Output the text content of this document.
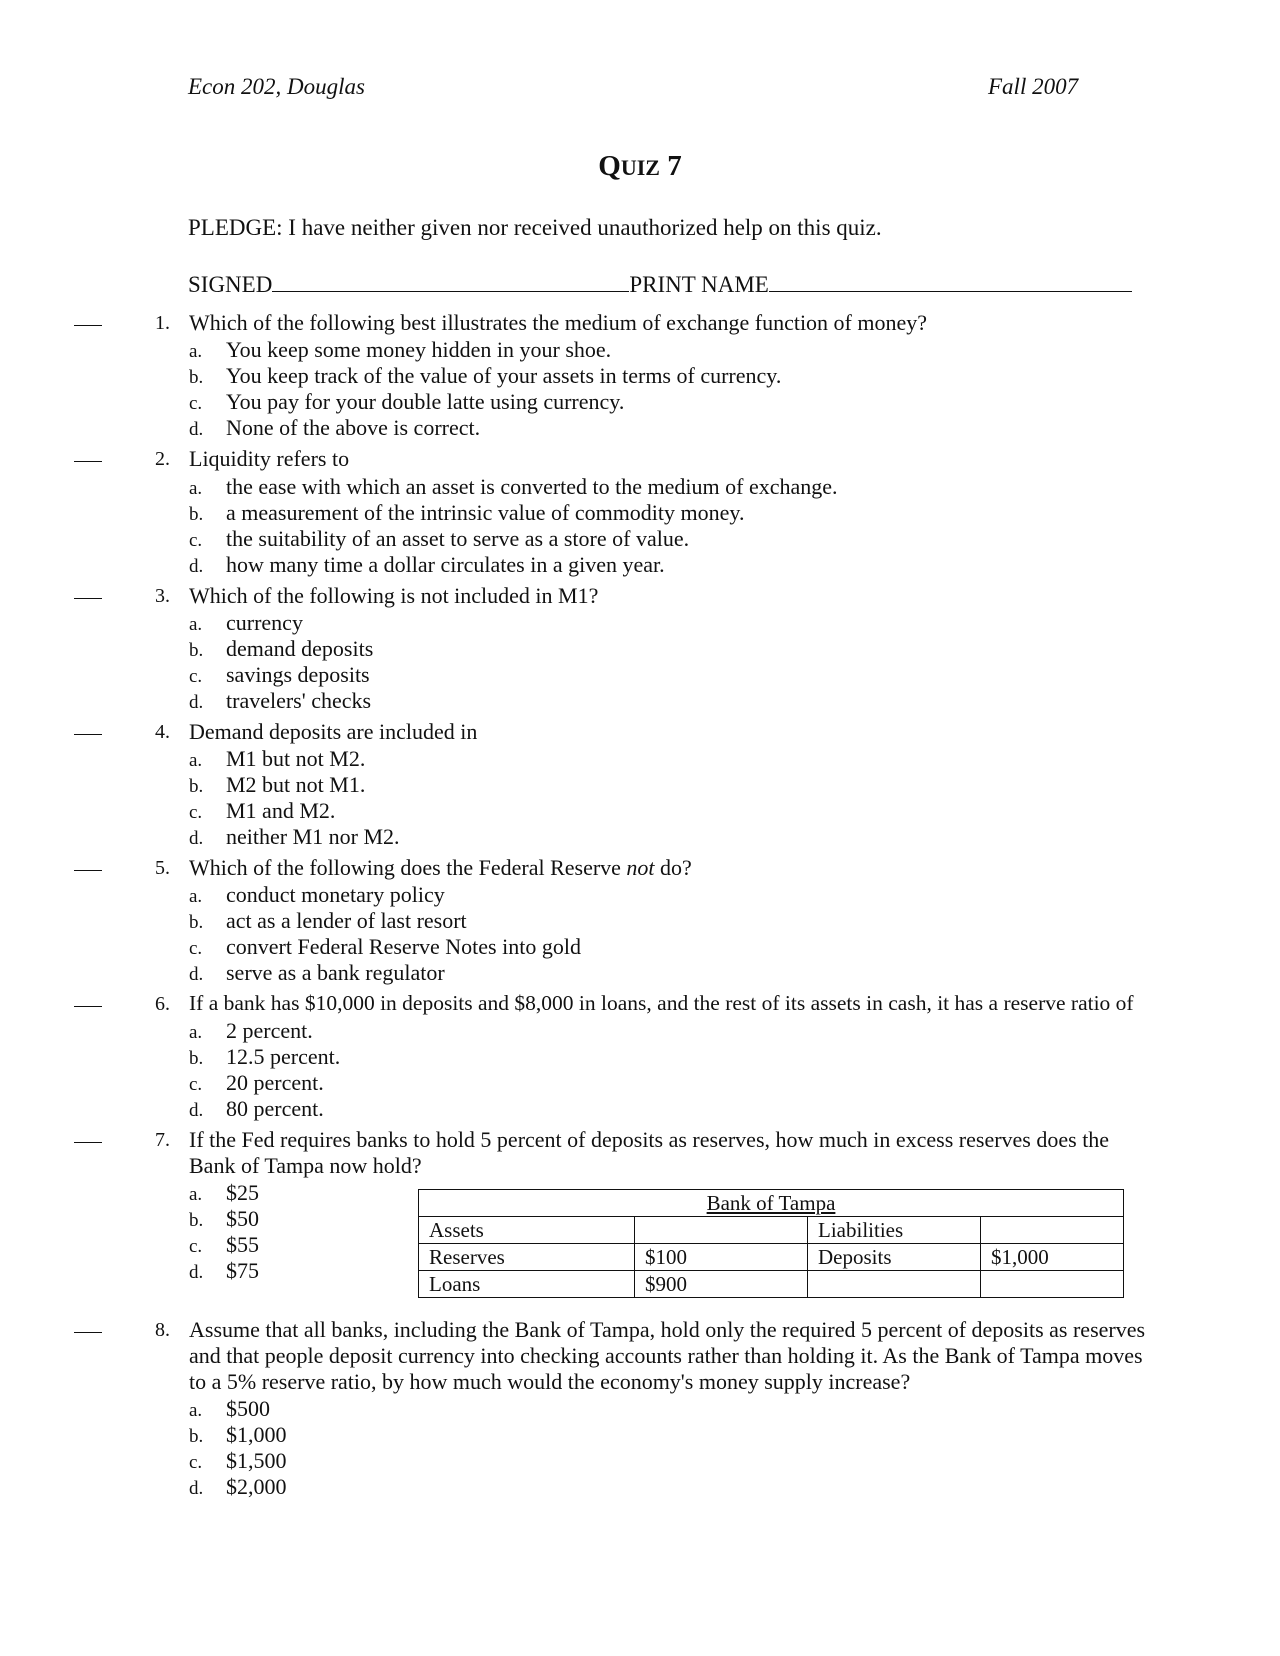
Econ 202, Douglas	Fall 2007
QUIZ 7
PLEDGE: I have neither given nor received unauthorized help on this quiz.
SIGNED	PRINT NAME
1. Which of the following best illustrates the medium of exchange function of money?
a. You keep some money hidden in your shoe.
b. You keep track of the value of your assets in terms of currency.
c. You pay for your double latte using currency.
d. None of the above is correct.
2. Liquidity refers to
a. the ease with which an asset is converted to the medium of exchange.
b. a measurement of the intrinsic value of commodity money.
c. the suitability of an asset to serve as a store of value.
d. how many time a dollar circulates in a given year.
3. Which of the following is not included in M1?
a. currency
b. demand deposits
c. savings deposits
d. travelers' checks
4. Demand deposits are included in
a. M1 but not M2.
b. M2 but not M1.
c. M1 and M2.
d. neither M1 nor M2.
5. Which of the following does the Federal Reserve not do?
a. conduct monetary policy
b. act as a lender of last resort
c. convert Federal Reserve Notes into gold
d. serve as a bank regulator
6. If a bank has $10,000 in deposits and $8,000 in loans, and the rest of its assets in cash, it has a reserve ratio of
a. 2 percent.
b. 12.5 percent.
c. 20 percent.
d. 80 percent.
7. If the Fed requires banks to hold 5 percent of deposits as reserves, how much in excess reserves does the
Bank of Tampa now hold?
a. $25
b. $50
c. $55
d. $75
Bank of Tampa			
Assets		Liabilities	
Reserves	$100	Deposits	$1,000
Loans	$900		
8. Assume that all banks, including the Bank of Tampa, hold only the required 5 percent of deposits as reserves
and that people deposit currency into checking accounts rather than holding it. As the Bank of Tampa moves
to a 5% reserve ratio, by how much would the economy's money supply increase?
a. $500
b. $1,000
c. $1,500
d. $2,000
